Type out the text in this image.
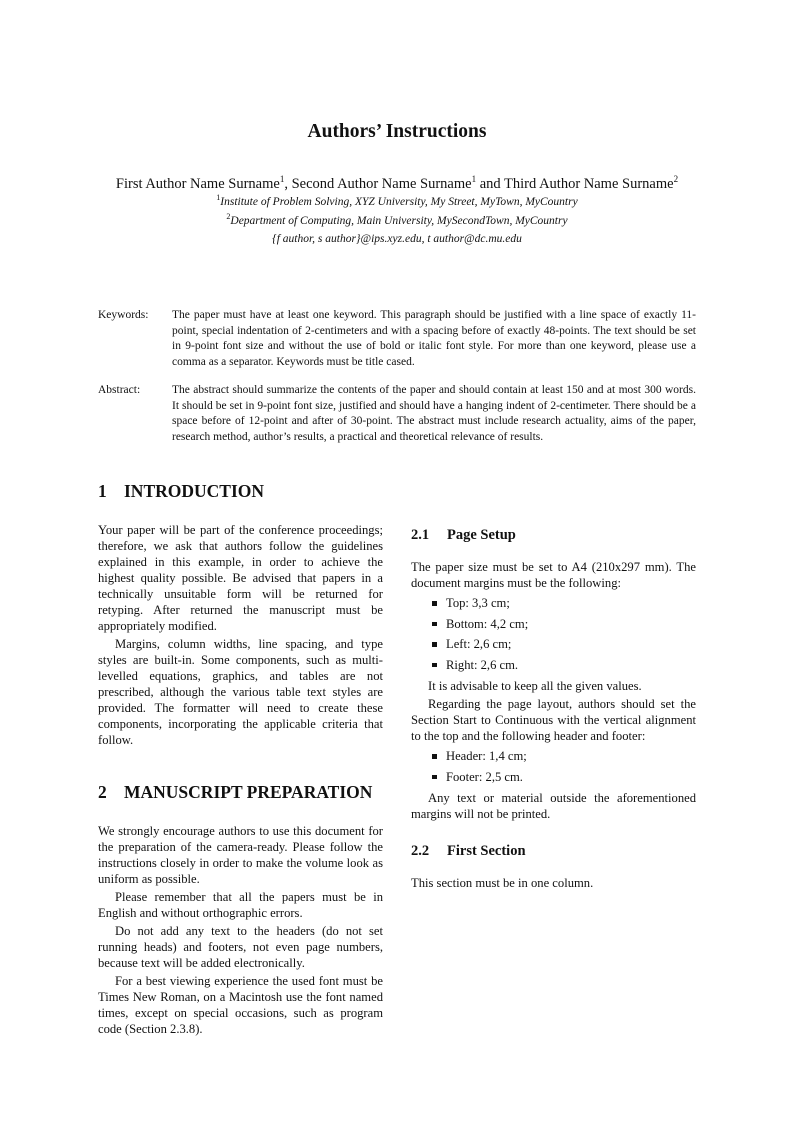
Authors’ Instructions
First Author Name Surname$^1$, Second Author Name Surname$^1$ and Third Author Name Surname$^2$
$^1$Institute of Problem Solving, XYZ University, My Street, MyTown, MyCountry
$^2$Department of Computing, Main University, MySecondTown, MyCountry
{f author, s author}@ips.xyz.edu, t author@dc.mu.edu
Keywords:	The paper must have at least one keyword. This paragraph should be justified with a line space of exactly 11-point, special indentation of 2-centimeters and with a spacing before of exactly 48-points. The text should be set in 9-point font size and without the use of bold or italic font style. For more than one keyword, please use a comma as a separator. Keywords must be title cased.
Abstract:	The abstract should summarize the contents of the paper and should contain at least 150 and at most 300 words. It should be set in 9-point font size, justified and should have a hanging indent of 2-centimeter. There should be a space before of 12-point and after of 30-point. The abstract must include research actuality, aims of the paper, research method, author’s results, a practical and theoretical relevance of results.
1 INTRODUCTION

Your paper will be part of the conference proceedings; therefore, we ask that authors follow the guidelines explained in this example, in order to achieve the highest quality possible. Be advised that papers in a technically unsuitable form will be returned for retyping. After returned the manuscript must be appropriately modified.

Margins, column widths, line spacing, and type styles are built-in. Some components, such as multi-levelled equations, graphics, and tables are not prescribed, although the various table text styles are provided. The formatter will need to create these components, incorporating the applicable criteria that follow.

2 MANUSCRIPT PREPARATION

We strongly encourage authors to use this document for the preparation of the camera-ready. Please follow the instructions closely in order to make the volume look as uniform as possible.

Please remember that all the papers must be in English and without orthographic errors.

Do not add any text to the headers (do not set running heads) and footers, not even page numbers, because text will be added electronically.

For a best viewing experience the used font must be Times New Roman, on a Macintosh use the font named times, except on special occasions, such as program code (Section 2.3.8).

2.1 Page Setup

The paper size must be set to A4 (210x297 mm). The document margins must be the following:

Top: 3,3 cm;
Bottom: 4,2 cm;
Left: 2,6 cm;
Right: 2,6 cm.

It is advisable to keep all the given values.

Regarding the page layout, authors should set the Section Start to Continuous with the vertical alignment to the top and the following header and footer:

Header: 1,4 cm;
Footer: 2,5 cm.

Any text or material outside the aforementioned margins will not be printed.

2.2 First Section

This section must be in one column.
